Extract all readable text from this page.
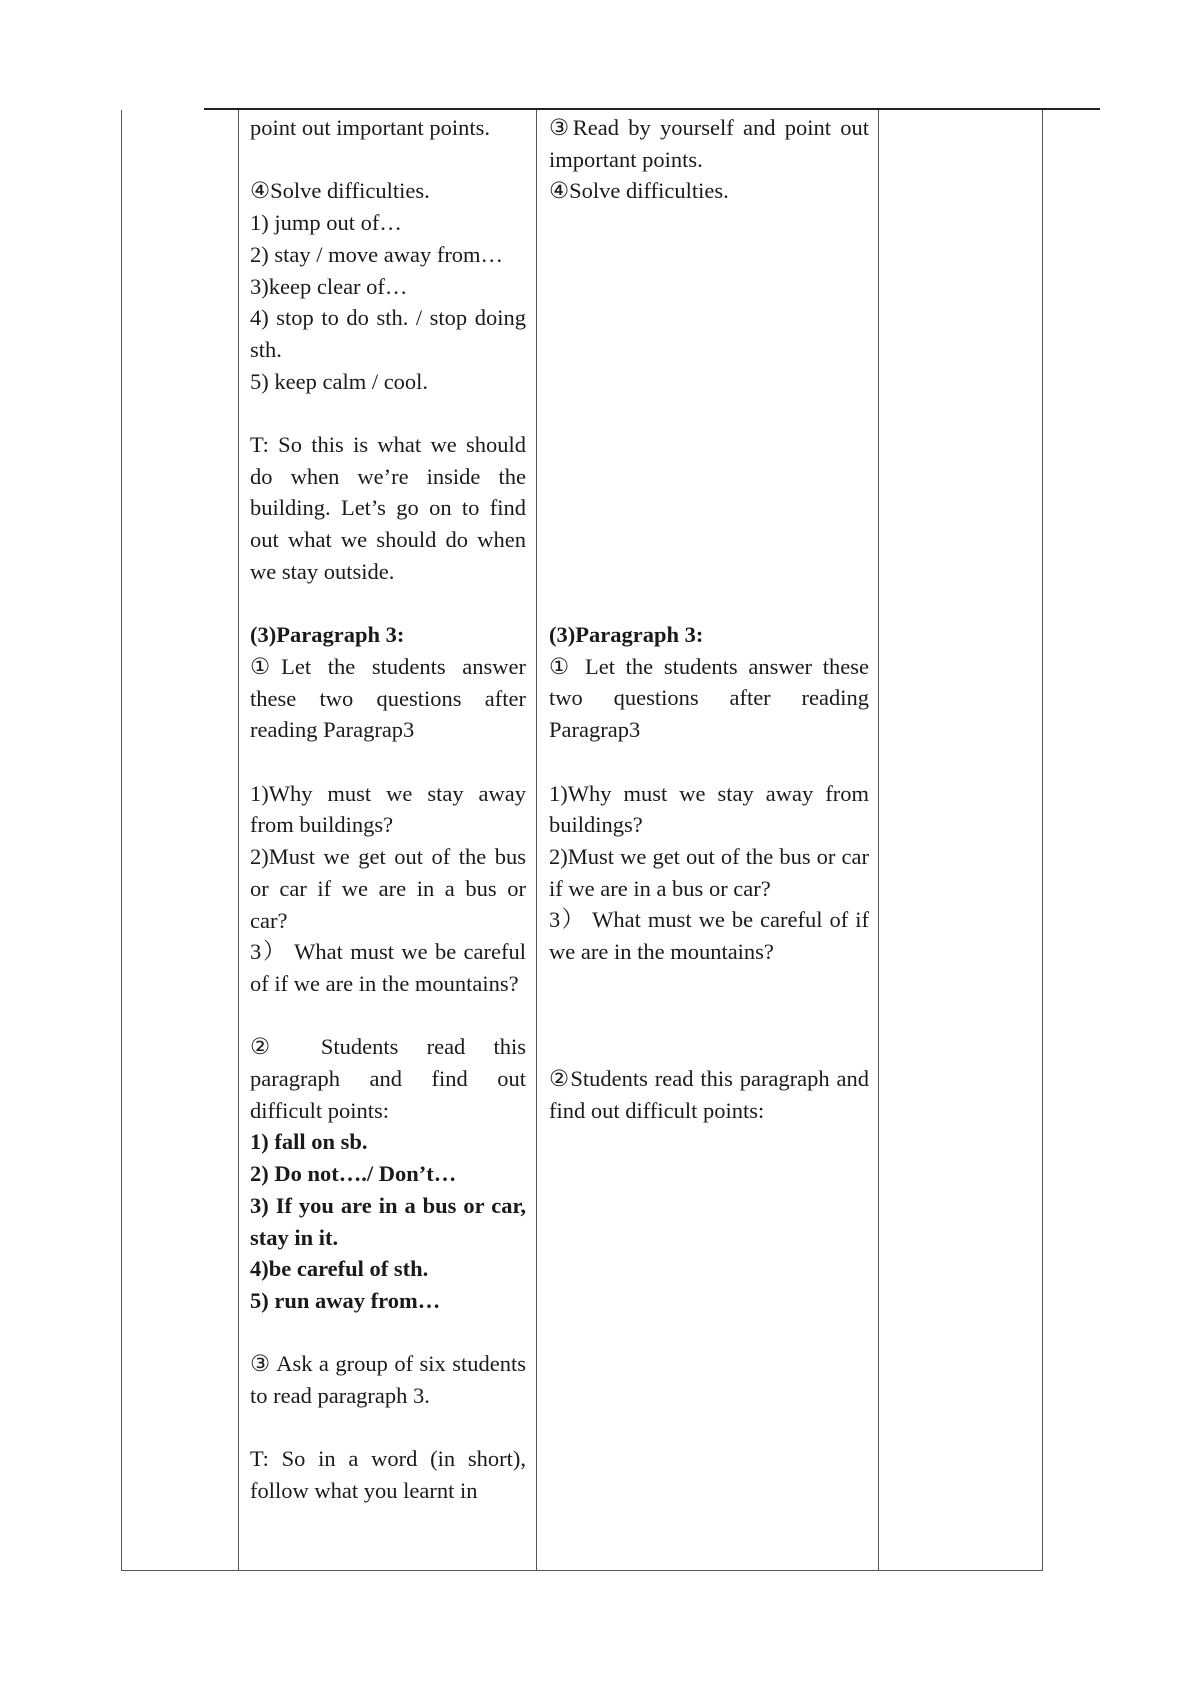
point out important points.

④Solve difficulties.

1) jump out of…

2) stay / move away from…

3)keep clear of…

4) stop to do sth. / stop doing sth.

5) keep calm / cool.

T: So this is what we should do when we’re inside the building. Let’s go on to find out what we should do when we stay outside.

(3)Paragraph 3:

①Let the students answer these two questions after reading Paragrap3

1)Why must we stay away from buildings?

2)Must we get out of the bus or car if we are in a bus or car?

3） What must we be careful of if we are in the mountains?

② Students read this paragraph and find out difficult points:

1) fall on sb.

2) Do not…./ Don’t…

3) If you are in a bus or car, stay in it.

4)be careful of sth.

5) run away from…

③ Ask a group of six students to read paragraph 3.

T: So in a word (in short), follow what you learnt in

③Read by yourself and point out important points.

④Solve difficulties.

(3)Paragraph 3:

① Let the students answer these two questions after reading Paragrap3

1)Why must we stay away from buildings?

2)Must we get out of the bus or car if we are in a bus or car?

3） What must we be careful of if we are in the mountains?

②Students read this paragraph and find out difficult points:
